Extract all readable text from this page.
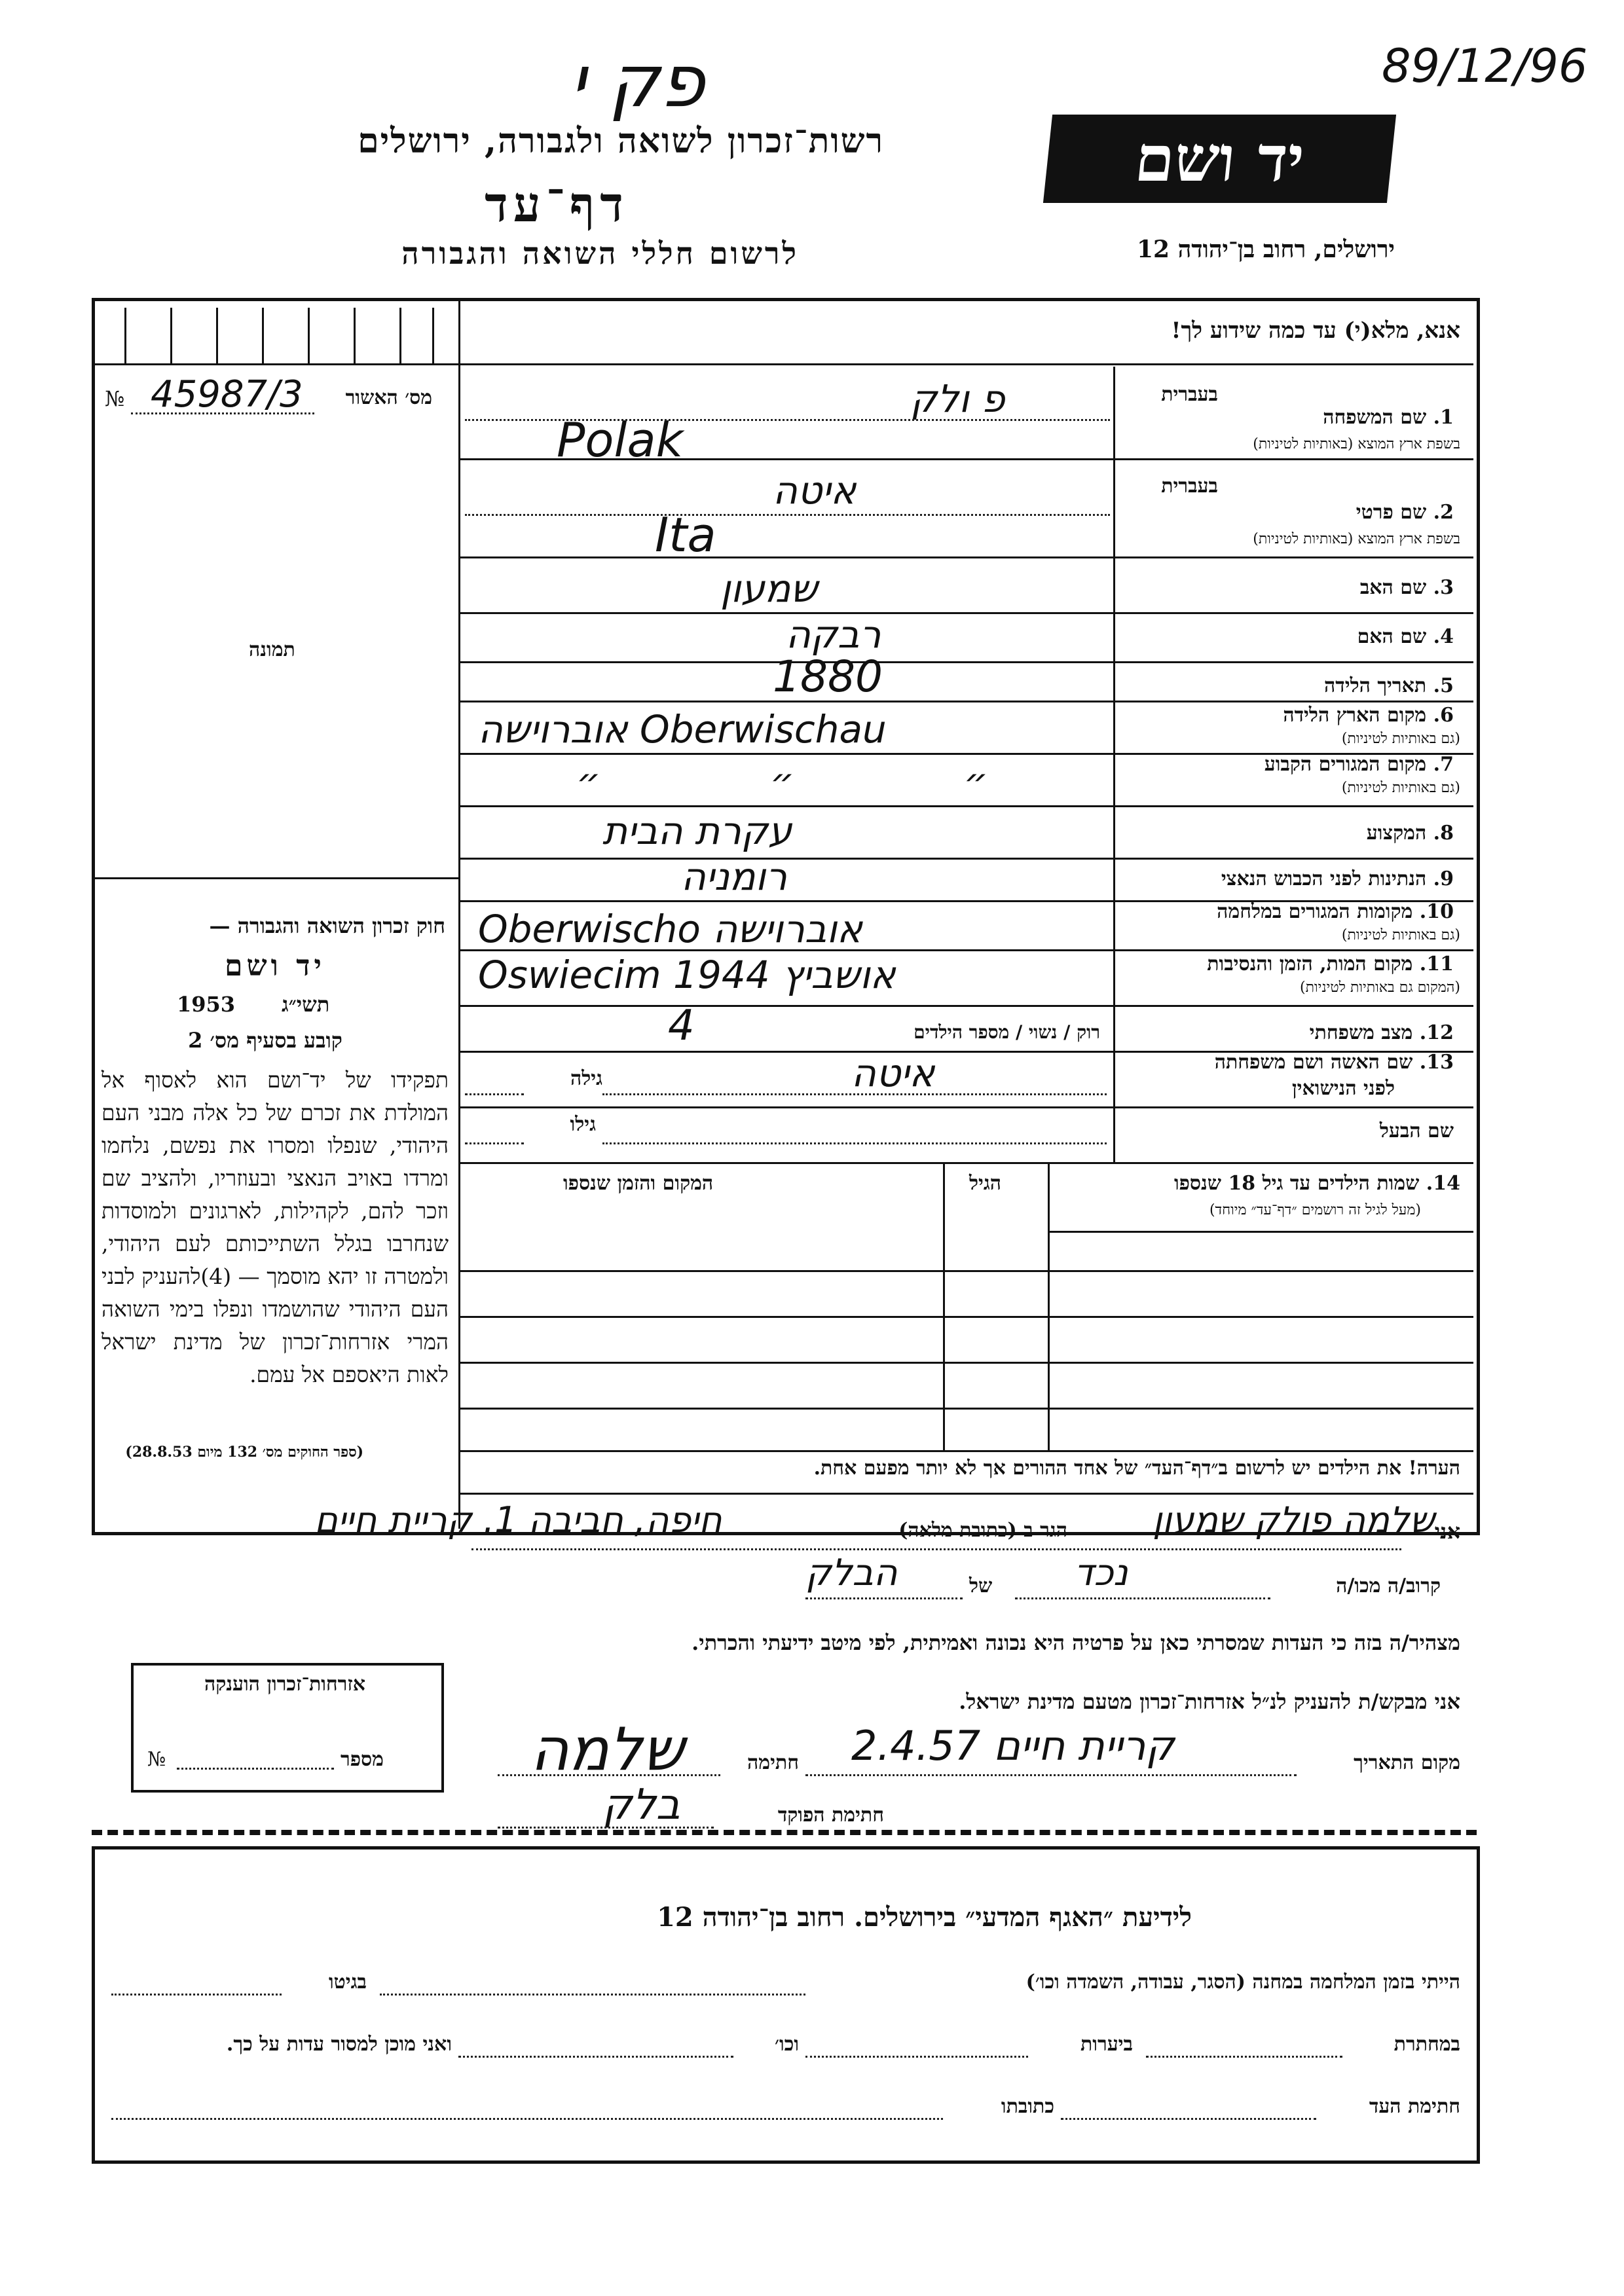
פק י	89/12/96
רשות־זכרון לשואה ולגבורה, ירושלים
דף־עד
לרשום חללי השואה והגבורה
יד ושם
ירושלים, רחוב בן־יהודה 12
מס׳ האשור
№ 45987/3
תמונה
אנא, מלא(י) עד כמה שידוע לך!
בעברית
1. שם המשפחה
בשפת ארץ המוצא (באותיות לטיניות)
פ ולק
Polak
בעברית
2. שם פרטי
בשפת ארץ המוצא (באותיות לטיניות)
איטה
Ita
3. שם האב
שמעון
4. שם האם
רבקה
5. תאריך הלידה
1880
6. מקום הארץ הלידה
(גם באותיות לטיניות)
אוברוישה Oberwischau
7. מקום המגורים הקבוע
(גם באותיות לטיניות)
״ ״ ״
8. המקצוע
עקרת הבית
9. הנתינות לפני הכבוש הנאצי
רומניה
10. מקומות המגורים במלחמה
(גם באותיות לטיניות)
Oberwischo אוברוישה
11. מקום המות, הזמן והנסיבות
(המקום גם באותיות לטיניות)
Oswiecim 1944 אושביץ
12. מצב משפחתי
רוק / נשוי / מספר הילדים
4
13. שם האשה ושם משפחתה
לפני הנישואין
גילה	איטה
שם הבעל
גילו
14. שמות הילדים עד גיל 18 שנספו
(מעל לגיל זה רושמים ״דף־עד״ מיוחד)
הגיל
המקום והזמן שנספו
הערה! את הילדים יש לרשום ב״דף־העד״ של אחד ההורים אך לא יותר מפעם אחת.
חוק זכרון השואה והגבורה —
יד ושם
1953 תשי״ג
קובע בסעיף מס׳ 2
תפקידו של יד־ושם הוא לאסוף אל המולדת את זכרם של כל אלה מבני העם היהודי, שנפלו ומסרו את נפשם, נלחמו ומרדו באויב הנאצי ובעוזריו, ולהציב שם וזכר להם, לקהילות, לארגונים ולמוסדות שנחרבו בגלל השתייכותם לעם היהודי, ולמטרה זו יהא מוסמך — (4)להעניק לבני העם היהודי שהושמדו ונפלו בימי השואה המרי אזרחות־זכרון של מדינת ישראל לאות היאספם אל עמם.
(ספר החוקים מס׳ 132 מיום 28.8.53)
אני
שלמה פולק שמעון
הגר ב (כתובת מלאה)
חיפה, חביבה 1. קריית חיים
קרוב/ה מכו/ה
נכד
של
הבלק
מצהיר/ה בזה כי העדות שמסרתי כאן על פרטיה היא נכונה ואמיתית, לפי מיטב ידיעתי והכרתי.
אני מבקש/ת להעניק לנ״ל אזרחות־זכרון מטעם מדינת ישראל.
מקום התאריך
2.4.57 קריית חיים
חתימה
שלמה
חתימת הפוקד
בלק
אזרחות־זכרון הוענקה
מספר
№
לידיעת ״האגף המדעי״ בירושלים. רחוב בן־יהודה 12
הייתי בזמן המלחמה במחנה (הסגר, עבודה, השמדה וכו׳)
בגיטו
במחתרת
ביערות
וכו׳
ואני מוכן למסור עדות על כך.
חתימת העד
כתובתו
